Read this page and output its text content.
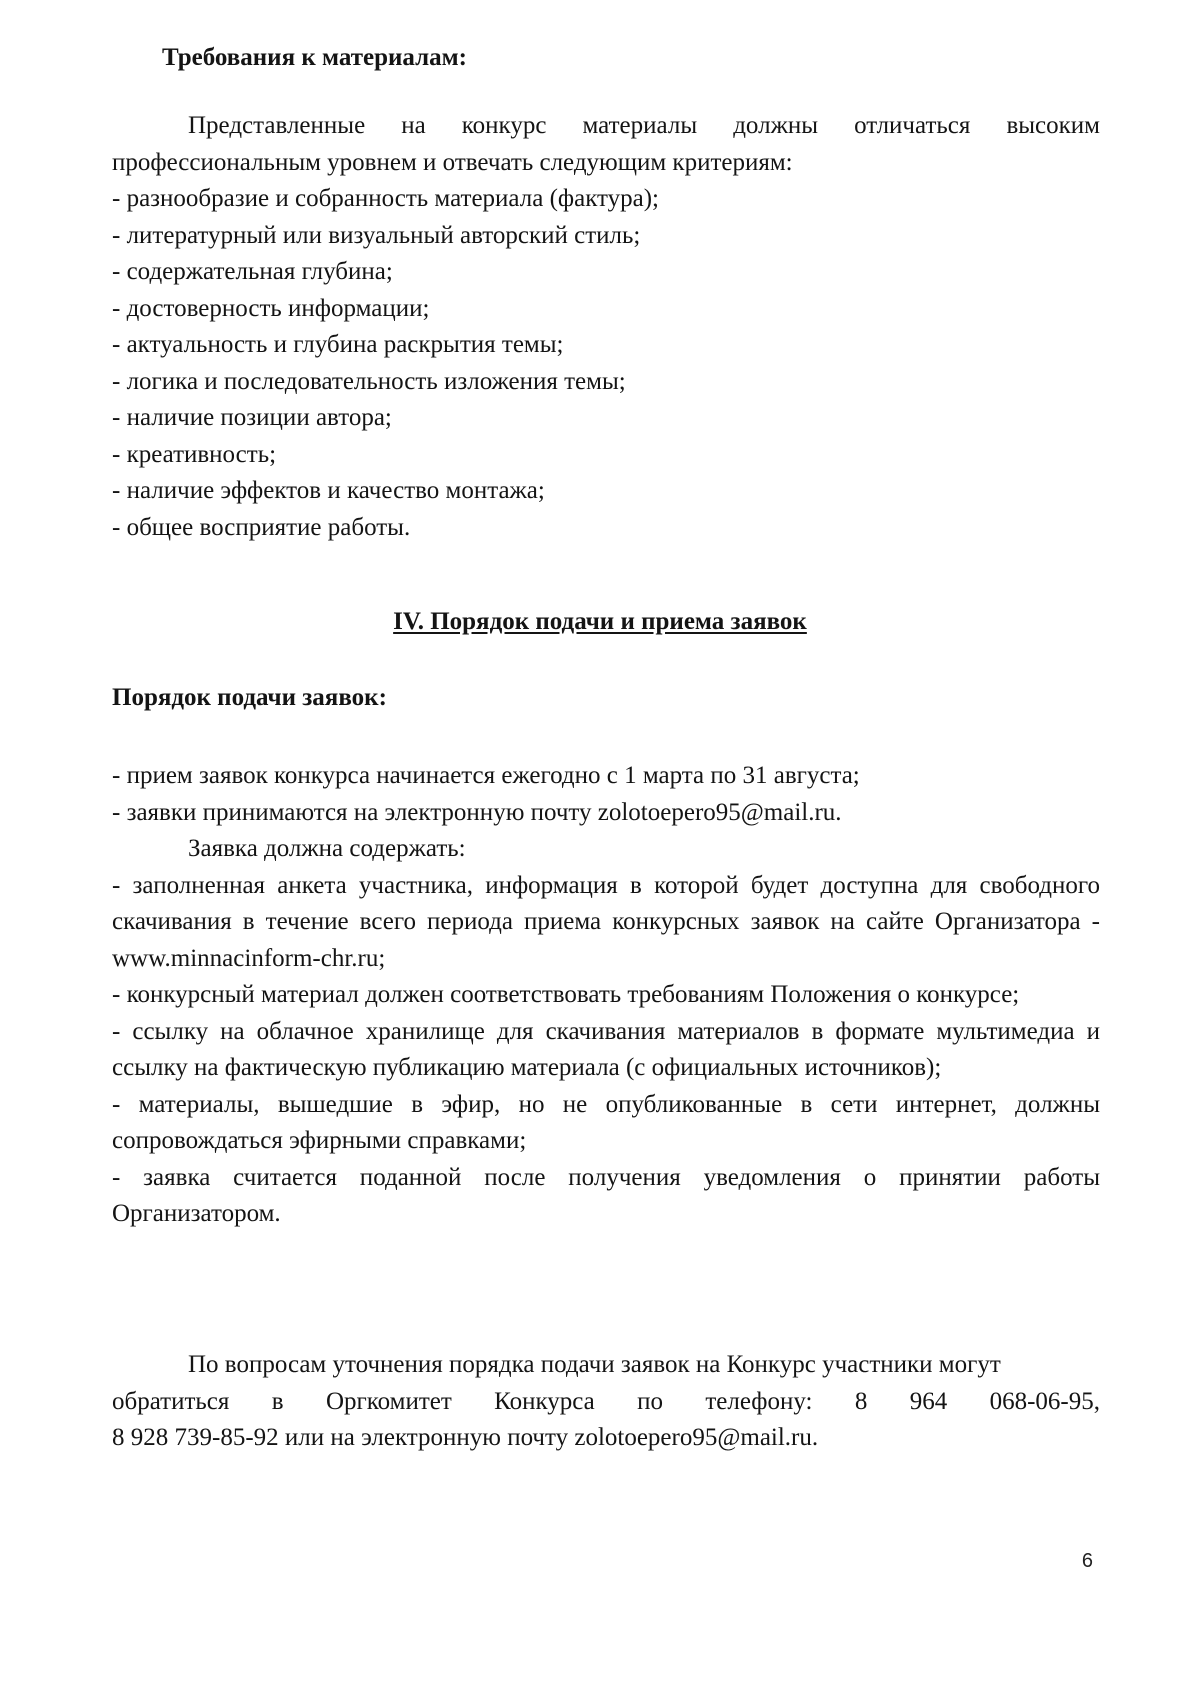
Требования к материалам:

Представленные на конкурс материалы должны отличаться высоким профессиональным уровнем и отвечать следующим критериям:

- разнообразие и собранность материала (фактура);

- литературный или визуальный авторский стиль;

- содержательная глубина;

- достоверность информации;

- актуальность и глубина раскрытия темы;

- логика и последовательность изложения темы;

- наличие позиции автора;

- креативность;

- наличие эффектов и качество монтажа;

- общее восприятие работы.

IV. Порядок подачи и приема заявок

Порядок подачи заявок:

- прием заявок конкурса начинается ежегодно с 1 марта по 31 августа;

- заявки принимаются на электронную почту zolotoepero95@mail.ru.

Заявка должна содержать:

- заполненная анкета участника, информация в которой будет доступна для свободного скачивания в течение всего периода приема конкурсных заявок на сайте Организатора - www.minnacinform-chr.ru;

- конкурсный материал должен соответствовать требованиям Положения о конкурсе;

- ссылку на облачное хранилище для скачивания материалов в формате мультимедиа и ссылку на фактическую публикацию материала (с официальных источников);

- материалы, вышедшие в эфир, но не опубликованные в сети интернет, должны сопровождаться эфирными справками;

- заявка считается поданной после получения уведомления о принятии работы Организатором.

По вопросам уточнения порядка подачи заявок на Конкурс участники могут

обратиться в Оргкомитет Конкурса по телефону: 8 964 068-06-95,

8 928 739-85-92 или на электронную почту zolotoepero95@mail.ru.

6
